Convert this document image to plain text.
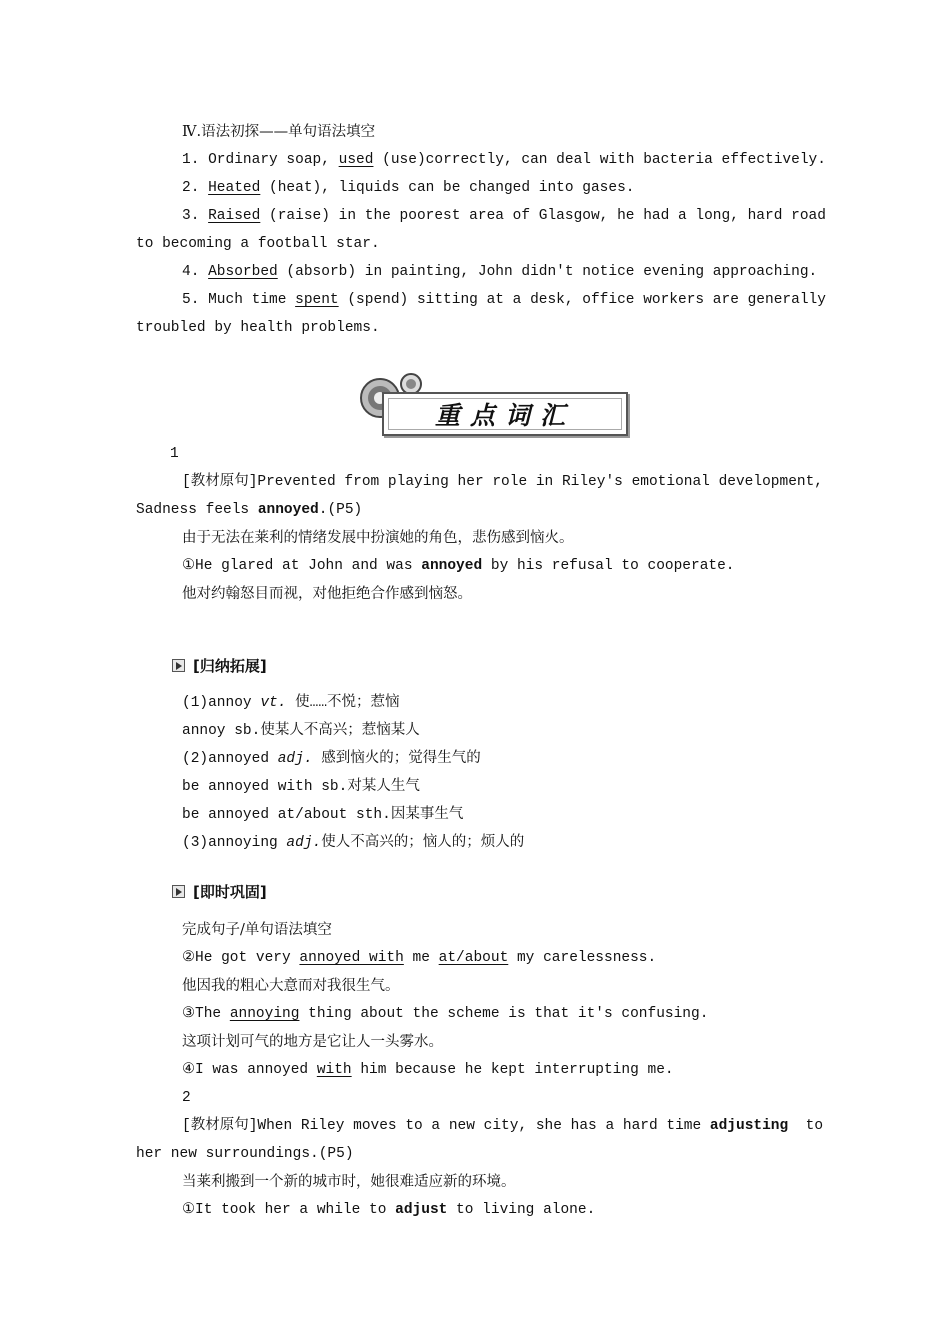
Ⅳ.语法初探——单句语法填空
1. Ordinary soap, used (use)correctly, can deal with bacteria effectively.
2. Heated (heat), liquids can be changed into gases.
3. Raised (raise) in the poorest area of Glasgow, he had a long, hard road
to becoming a football star.
4. Absorbed (absorb) in painting, John didn't notice evening approaching.
5. Much time spent (spend) sitting at a desk, office workers are generally
troubled by health problems.
重点词汇
1
[教材原句]Prevented from playing her role in Riley's emotional development,
Sadness feels annoyed.(P5)
由于无法在莱利的情绪发展中扮演她的角色，悲伤感到恼火。
①He glared at John and was annoyed by his refusal to cooperate.
他对约翰怒目而视，对他拒绝合作感到恼怒。
[归纳拓展]
(1)annoy vt. 使……不悦；惹恼
annoy sb.使某人不高兴；惹恼某人
(2)annoyed adj. 感到恼火的；觉得生气的
be annoyed with sb.对某人生气
be annoyed at/about sth.因某事生气
(3)annoying adj.使人不高兴的；恼人的；烦人的
[即时巩固]
完成句子/单句语法填空
②He got very annoyed with me at/about my carelessness.
他因我的粗心大意而对我很生气。
③The annoying thing about the scheme is that it's confusing.
这项计划可气的地方是它让人一头雾水。
④I was annoyed with him because he kept interrupting me.
2
[教材原句]When Riley moves to a new city, she has a hard time adjusting  to
her new surroundings.(P5)
当莱利搬到一个新的城市时，她很难适应新的环境。
①It took her a while to adjust to living alone.
